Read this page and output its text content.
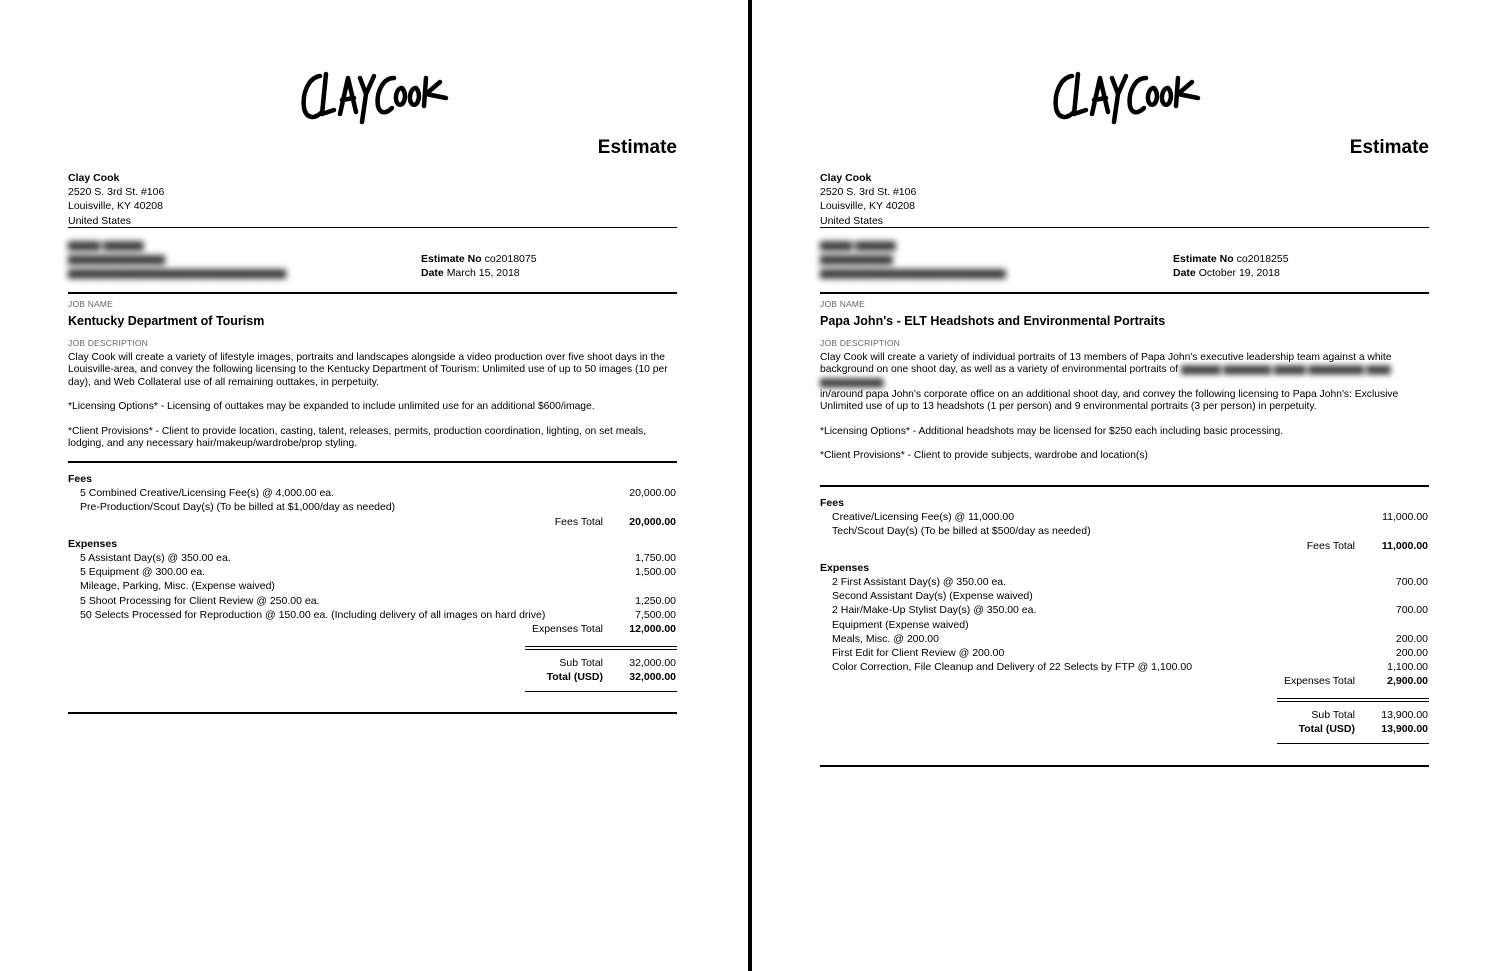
Estimate
Clay Cook
2520 S. 3rd St. #106
Louisville, KY 40208
United States
▆▆▆▆ ▆▆▆▆▆
▆▆▆▆▆▆▆▆▆▆▆▆
▆▆▆▆▆▆▆▆▆▆▆▆▆▆▆▆▆▆▆▆▆▆▆▆▆▆▆
Estimate No co2018075
Date March 15, 2018
JOB NAME
Kentucky Department of Tourism
JOB DESCRIPTION

Clay Cook will create a variety of lifestyle images, portraits and landscapes alongside a video production over five shoot days in the Louisville-area, and convey the following licensing to the Kentucky Department of Tourism: Unlimited use of up to 50 images (10 per day), and Web Collateral use of all remaining outtakes, in perpetuity.

*Licensing Options* - Licensing of outtakes may be expanded to include unlimited use for an additional $600/image.

*Client Provisions* - Client to provide location, casting, talent, releases, permits, production coordination, lighting, on set meals, lodging, and any necessary hair/makeup/wardrobe/prop styling.

Fees
5 Combined Creative/Licensing Fee(s) @ 4,000.00 ea.	20,000.00
Pre-Production/Scout Day(s) (To be billed at $1,000/day as needed)
Fees Total	20,000.00
Expenses
5 Assistant Day(s) @ 350.00 ea.	1,750.00
5 Equipment @ 300.00 ea.	1,500.00
Mileage, Parking, Misc. (Expense waived)
5 Shoot Processing for Client Review @ 250.00 ea.	1,250.00
50 Selects Processed for Reproduction @ 150.00 ea. (Including delivery of all images on hard drive)	7,500.00
Expenses Total	12,000.00
Sub Total	32,000.00
Total (USD)	32,000.00
Estimate
Clay Cook
2520 S. 3rd St. #106
Louisville, KY 40208
United States
▆▆▆▆ ▆▆▆▆▆
▆▆▆▆▆▆▆▆▆
▆▆▆▆▆▆▆▆▆▆▆▆▆▆▆▆▆▆▆▆▆▆▆
Estimate No co2018255
Date October 19, 2018
JOB NAME
Papa John's - ELT Headshots and Environmental Portraits
JOB DESCRIPTION

Clay Cook will create a variety of individual portraits of 13 members of Papa John's executive leadership team against a white background on one shoot day, as well as a variety of environmental portraits of ▆▆▆▆▆ ▆▆▆▆▆▆ ▆▆▆▆ ▆▆▆▆▆▆▆ ▆▆▆ ▆▆▆▆▆▆▆▆

in/around papa John's corporate office on an additional shoot day, and convey the following licensing to Papa John's: Exclusive Unlimited use of up to 13 headshots (1 per person) and 9 environmental portraits (3 per person) in perpetuity.

*Licensing Options* - Additional headshots may be licensed for $250 each including basic processing.

*Client Provisions* - Client to provide subjects, wardrobe and location(s)

Fees
Creative/Licensing Fee(s) @ 11,000.00	11,000.00
Tech/Scout Day(s) (To be billed at $500/day as needed)
Fees Total	11,000.00
Expenses
2 First Assistant Day(s) @ 350.00 ea.	700.00
Second Assistant Day(s) (Expense waived)
2 Hair/Make-Up Stylist Day(s) @ 350.00 ea.	700.00
Equipment (Expense waived)
Meals, Misc. @ 200.00	200.00
First Edit for Client Review @ 200.00	200.00
Color Correction, File Cleanup and Delivery of 22 Selects by FTP @ 1,100.00	1,100.00
Expenses Total	2,900.00
Sub Total	13,900.00
Total (USD)	13,900.00
